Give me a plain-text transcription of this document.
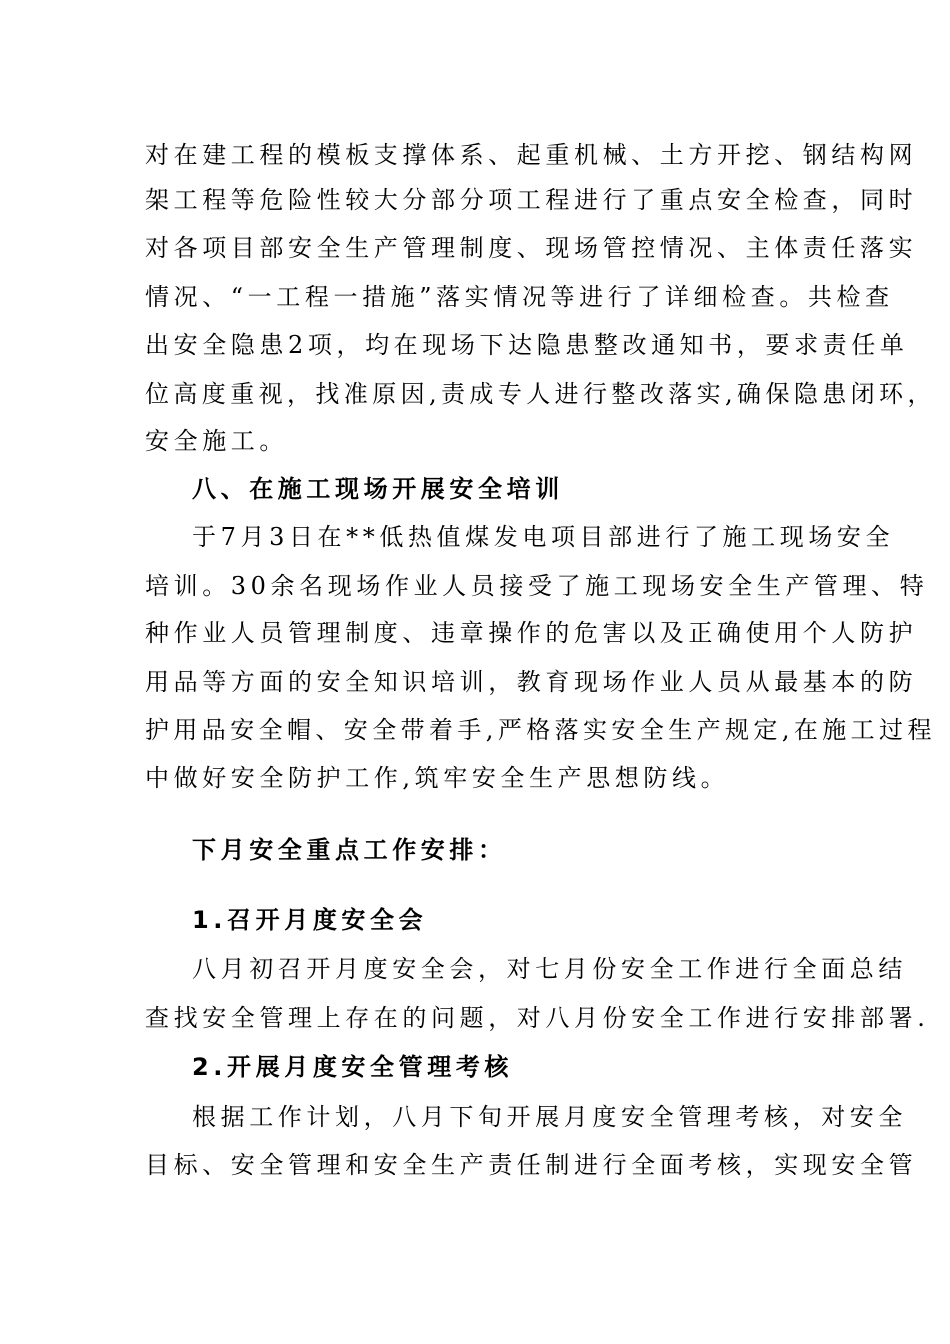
对在建工程的模板支撑体系、起重机械、土方开挖、钢结构网
架工程等危险性较大分部分项工程进行了重点安全检查，同时
对各项目部安全生产管理制度、现场管控情况、主体责任落实
情况、“一工程一措施”落实情况等进行了详细检查。共检查
出安全隐患2项，均在现场下达隐患整改通知书，要求责任单
位高度重视，找准原因,责成专人进行整改落实,确保隐患闭环，
安全施工。
八、在施工现场开展安全培训
于7月3日在**低热值煤发电项目部进行了施工现场安全
培训。30余名现场作业人员接受了施工现场安全生产管理、特
种作业人员管理制度、违章操作的危害以及正确使用个人防护
用品等方面的安全知识培训，教育现场作业人员从最基本的防
护用品安全帽、安全带着手,严格落实安全生产规定,在施工过程
中做好安全防护工作,筑牢安全生产思想防线。
下月安全重点工作安排：
1.召开月度安全会
八月初召开月度安全会，对七月份安全工作进行全面总结
查找安全管理上存在的问题，对八月份安全工作进行安排部署.
2.开展月度安全管理考核
根据工作计划，八月下旬开展月度安全管理考核，对安全
目标、安全管理和安全生产责任制进行全面考核，实现安全管
